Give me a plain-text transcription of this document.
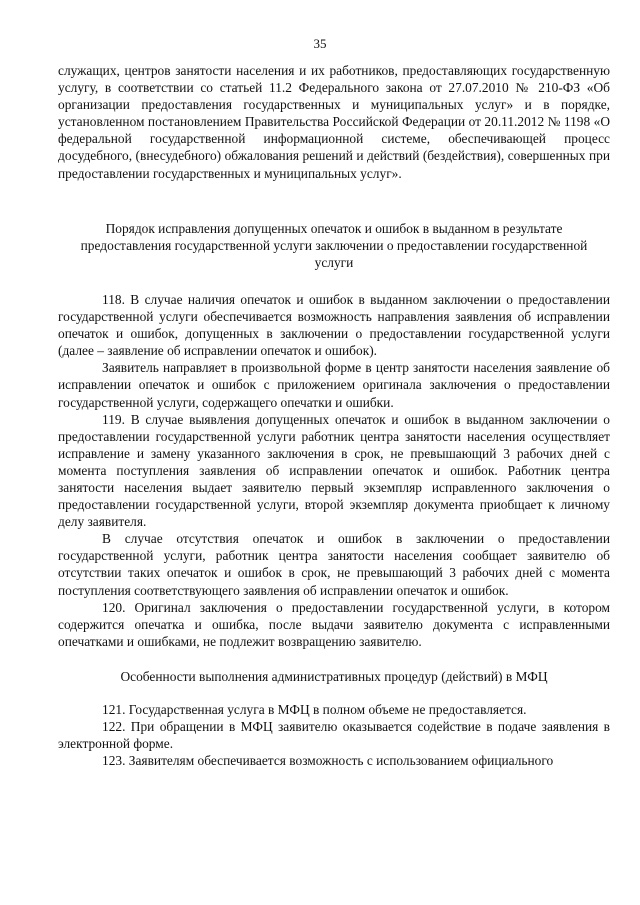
35

служащих, центров занятости населения и их работников, предоставляющих государственную услугу, в соответствии со статьей 11.2 Федерального закона от 27.07.2010 № 210-ФЗ «Об организации предоставления государственных и муниципальных услуг» и в порядке, установленном постановлением Правительства Российской Федерации от 20.11.2012 № 1198 «О федеральной государственной информационной системе, обеспечивающей процесс досудебного, (внесудебного) обжалования решений и действий (бездействия), совершенных при предоставлении государственных и муниципальных услуг».

Порядок исправления допущенных опечаток и ошибок в выданном в результате предоставления государственной услуги заключении о предоставлении государственной услуги

118. В случае наличия опечаток и ошибок в выданном заключении о предоставлении государственной услуги обеспечивается возможность направления заявления об исправлении опечаток и ошибок, допущенных в заключении о предоставлении государственной услуги (далее – заявление об исправлении опечаток и ошибок).

Заявитель направляет в произвольной форме в центр занятости населения заявление об исправлении опечаток и ошибок с приложением оригинала заключения о предоставлении государственной услуги, содержащего опечатки и ошибки.

119. В случае выявления допущенных опечаток и ошибок в выданном заключении о предоставлении государственной услуги работник центра занятости населения осуществляет исправление и замену указанного заключения в срок, не превышающий 3 рабочих дней с момента поступления заявления об исправлении опечаток и ошибок. Работник центра занятости населения выдает заявителю первый экземпляр исправленного заключения о предоставлении государственной услуги, второй экземпляр документа приобщает к личному делу заявителя.

В случае отсутствия опечаток и ошибок в заключении о предоставлении государственной услуги, работник центра занятости населения сообщает заявителю об отсутствии таких опечаток и ошибок в срок, не превышающий 3 рабочих дней с момента поступления соответствующего заявления об исправлении опечаток и ошибок.

120. Оригинал заключения о предоставлении государственной услуги, в котором содержится опечатка и ошибка, после выдачи заявителю документа с исправленными опечатками и ошибками, не подлежит возвращению заявителю.

Особенности выполнения административных процедур (действий) в МФЦ

121. Государственная услуга в МФЦ в полном объеме не предоставляется.

122. При обращении в МФЦ заявителю оказывается содействие в подаче заявления в электронной форме.

123. Заявителям обеспечивается возможность с использованием официального
